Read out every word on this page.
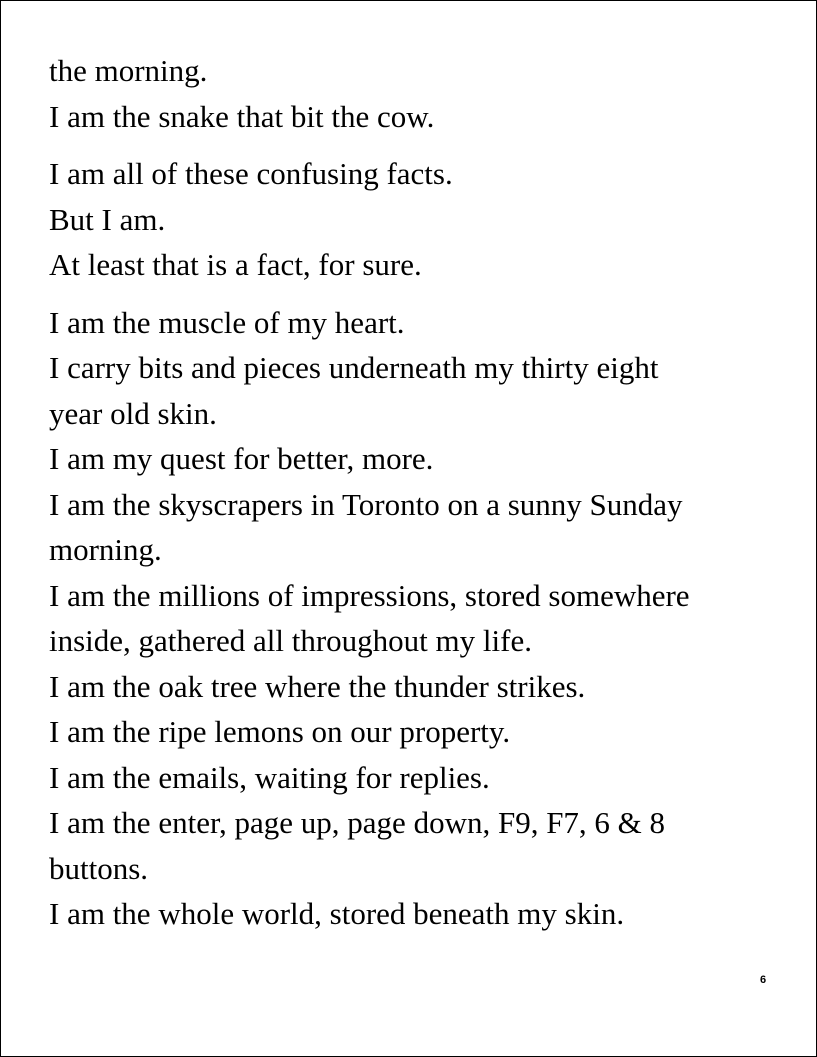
the morning.
I am the snake that bit the cow.
I am all of these confusing facts.
But I am.
At least that is a fact, for sure.
I am the muscle of my heart.
I carry bits and pieces underneath my thirty eight
year old skin.
I am my quest for better, more.
I am the skyscrapers in Toronto on a sunny Sunday
morning.
I am the millions of impressions, stored somewhere
inside, gathered all throughout my life.
I am the oak tree where the thunder strikes.
I am the ripe lemons on our property.
I am the emails, waiting for replies.
I am the enter, page up, page down, F9, F7, 6 & 8
buttons.
I am the whole world, stored beneath my skin.
6
